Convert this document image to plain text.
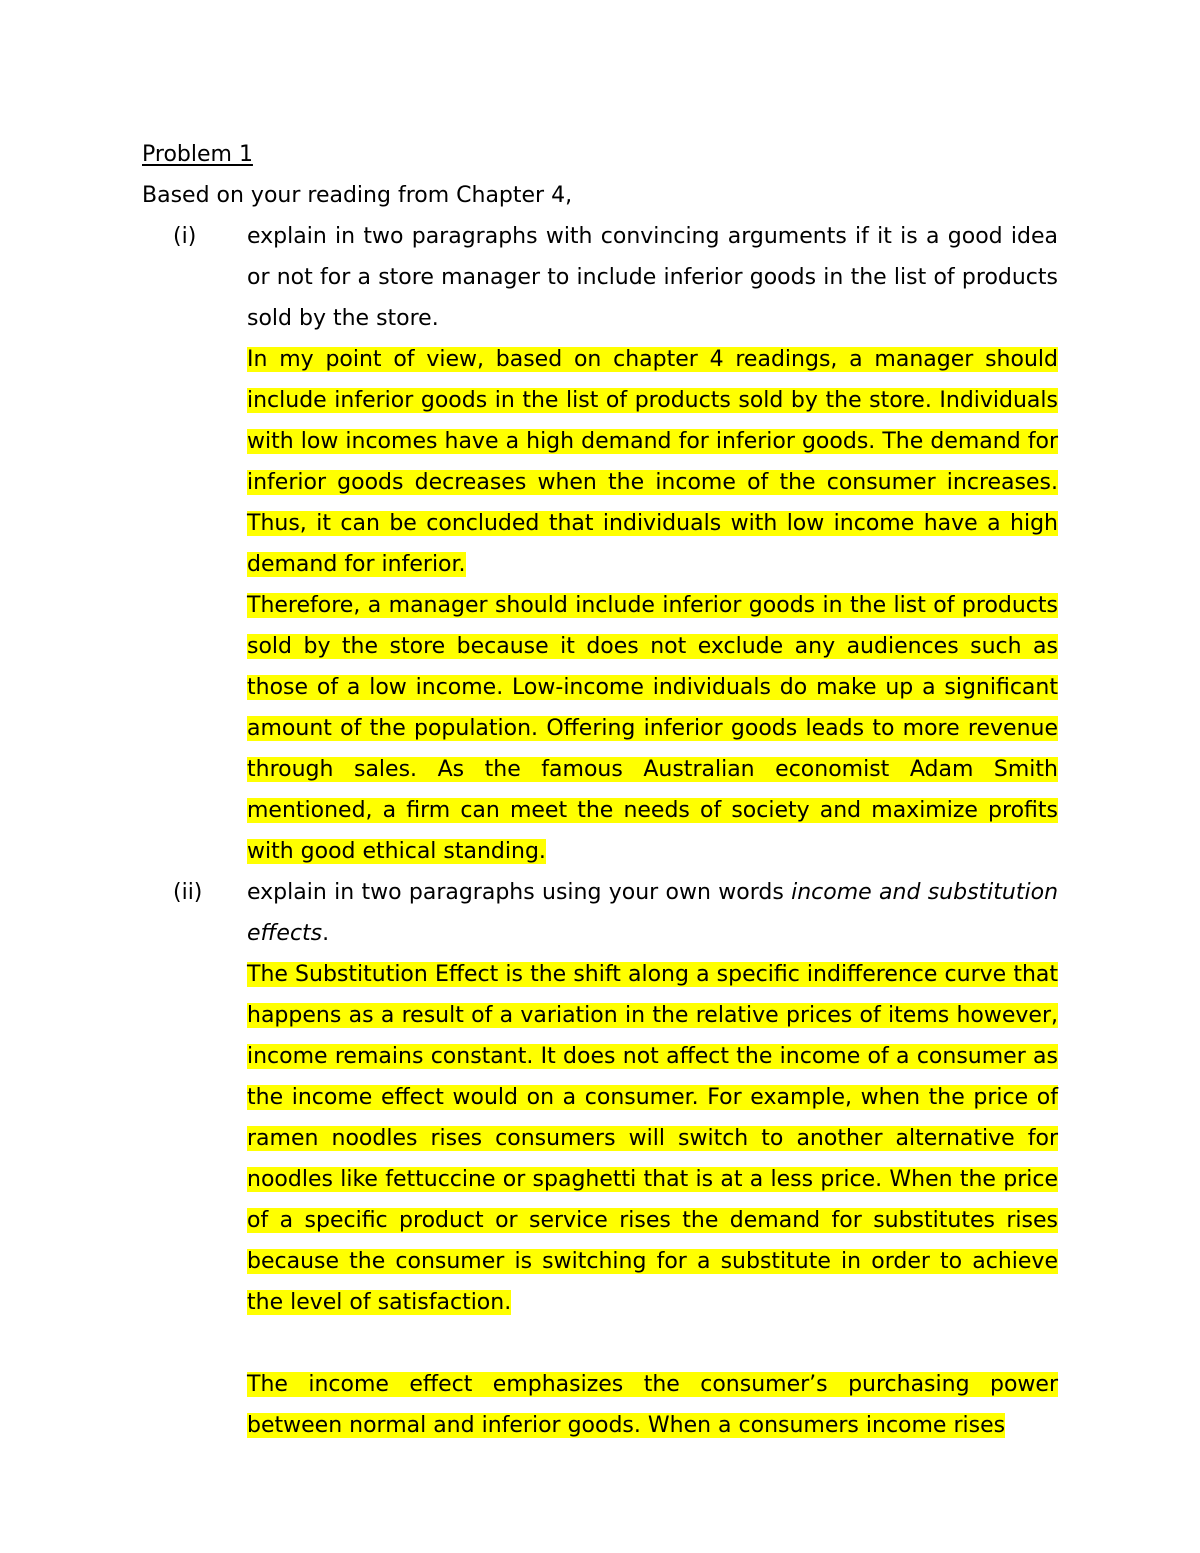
Problem 1
Based on your reading from Chapter 4,
(i) explain in two paragraphs with convincing arguments if it is a good idea or not for a store manager to include inferior goods in the list of products sold by the store.
In my point of view, based on chapter 4 readings, a manager should include inferior goods in the list of products sold by the store. Individuals with low incomes have a high demand for inferior goods. The demand for inferior goods decreases when the income of the consumer increases. Thus, it can be concluded that individuals with low income have a high demand for inferior.
Therefore, a manager should include inferior goods in the list of products sold by the store because it does not exclude any audiences such as those of a low income. Low-income individuals do make up a significant amount of the population. Offering inferior goods leads to more revenue through sales. As the famous Australian economist Adam Smith mentioned, a firm can meet the needs of society and maximize profits with good ethical standing.
(ii) explain in two paragraphs using your own words income and substitution effects.
The Substitution Effect is the shift along a specific indifference curve that happens as a result of a variation in the relative prices of items however, income remains constant. It does not affect the income of a consumer as the income effect would on a consumer. For example, when the price of ramen noodles rises consumers will switch to another alternative for noodles like fettuccine or spaghetti that is at a less price. When the price of a specific product or service rises the demand for substitutes rises because the consumer is switching for a substitute in order to achieve the level of satisfaction.
The income effect emphasizes the consumer’s purchasing power between normal and inferior goods. When a consumers income rises
